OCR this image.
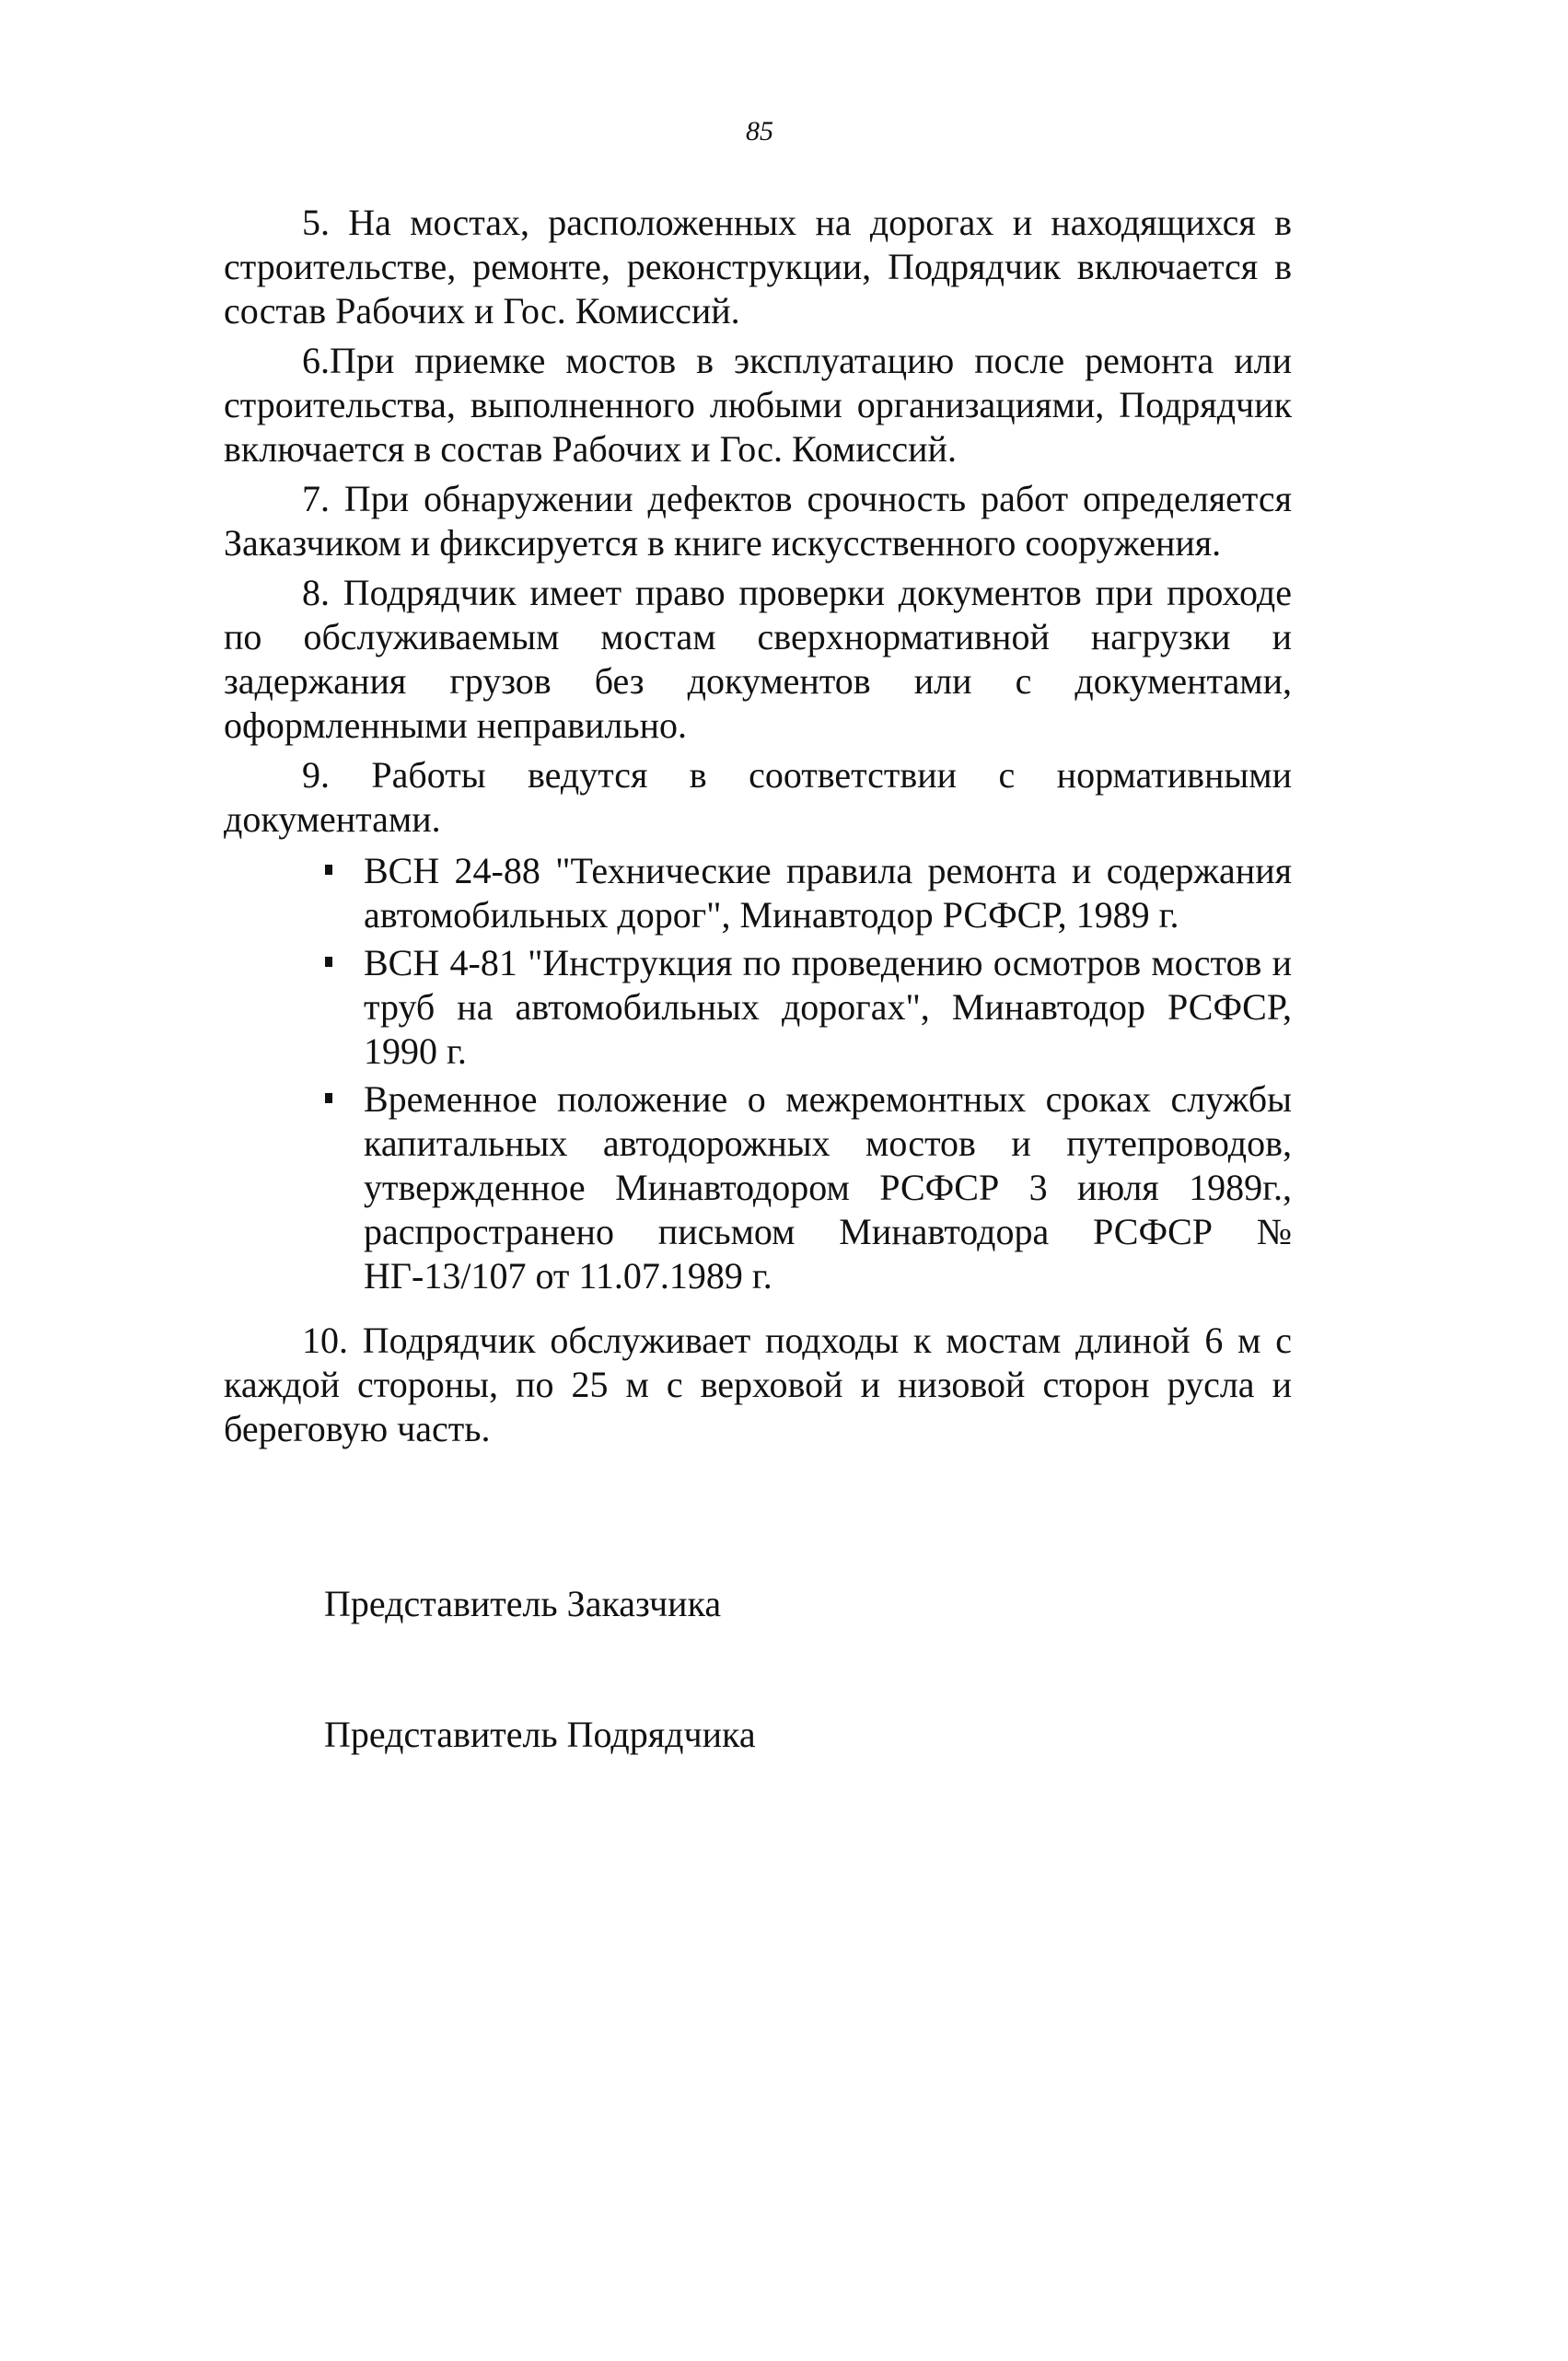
85

5. На мостах, расположенных на дорогах и находящихся в строительстве, ремонте, реконструкции, Подрядчик включается в состав Рабочих и Гос. Комиссий.

6.При приемке мостов в эксплуатацию после ремонта или строительства, выполненного любыми организациями, Подрядчик включается в состав Рабочих и Гос. Комиссий.

7. При обнаружении дефектов срочность работ определяется Заказчиком и фиксируется в книге искусственного сооружения.

8. Подрядчик имеет право проверки документов при проходе по обслуживаемым мостам сверхнормативной нагрузки и задержания грузов без документов или с документами, оформленными неправильно.

9. Работы ведутся в соответствии с нормативными документами.

ВСН 24-88 "Технические правила ремонта и содержания автомобильных дорог", Минавтодор РСФСР, 1989 г.
ВСН 4-81 "Инструкция по проведению осмотров мостов и труб на автомобильных дорогах", Минавтодор РСФСР, 1990 г.
Временное положение о межремонтных сроках службы капитальных автодорожных мостов и путепроводов, утвержденное Минавтодором РСФСР 3 июля 1989г., распространено письмом Минавтодора РСФСР № НГ-13/107 от 11.07.1989 г.

10. Подрядчик обслуживает подходы к мостам длиной 6 м с каждой стороны, по 25 м с верховой и низовой сторон русла и береговую часть.

Представитель Заказчика
Представитель Подрядчика
